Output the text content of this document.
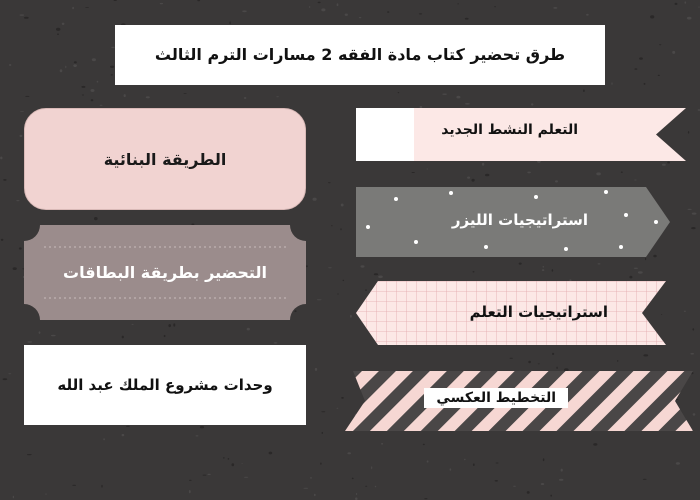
طرق تحضير كتاب مادة الفقه 2 مسارات الترم الثالث
الطريقة البنائية
التحضير بطريقة البطاقات
وحدات مشروع الملك عبد الله
التعلم النشط الجديد
استراتيجيات الليزر
استراتيجيات التعلم
التخطيط العكسي
